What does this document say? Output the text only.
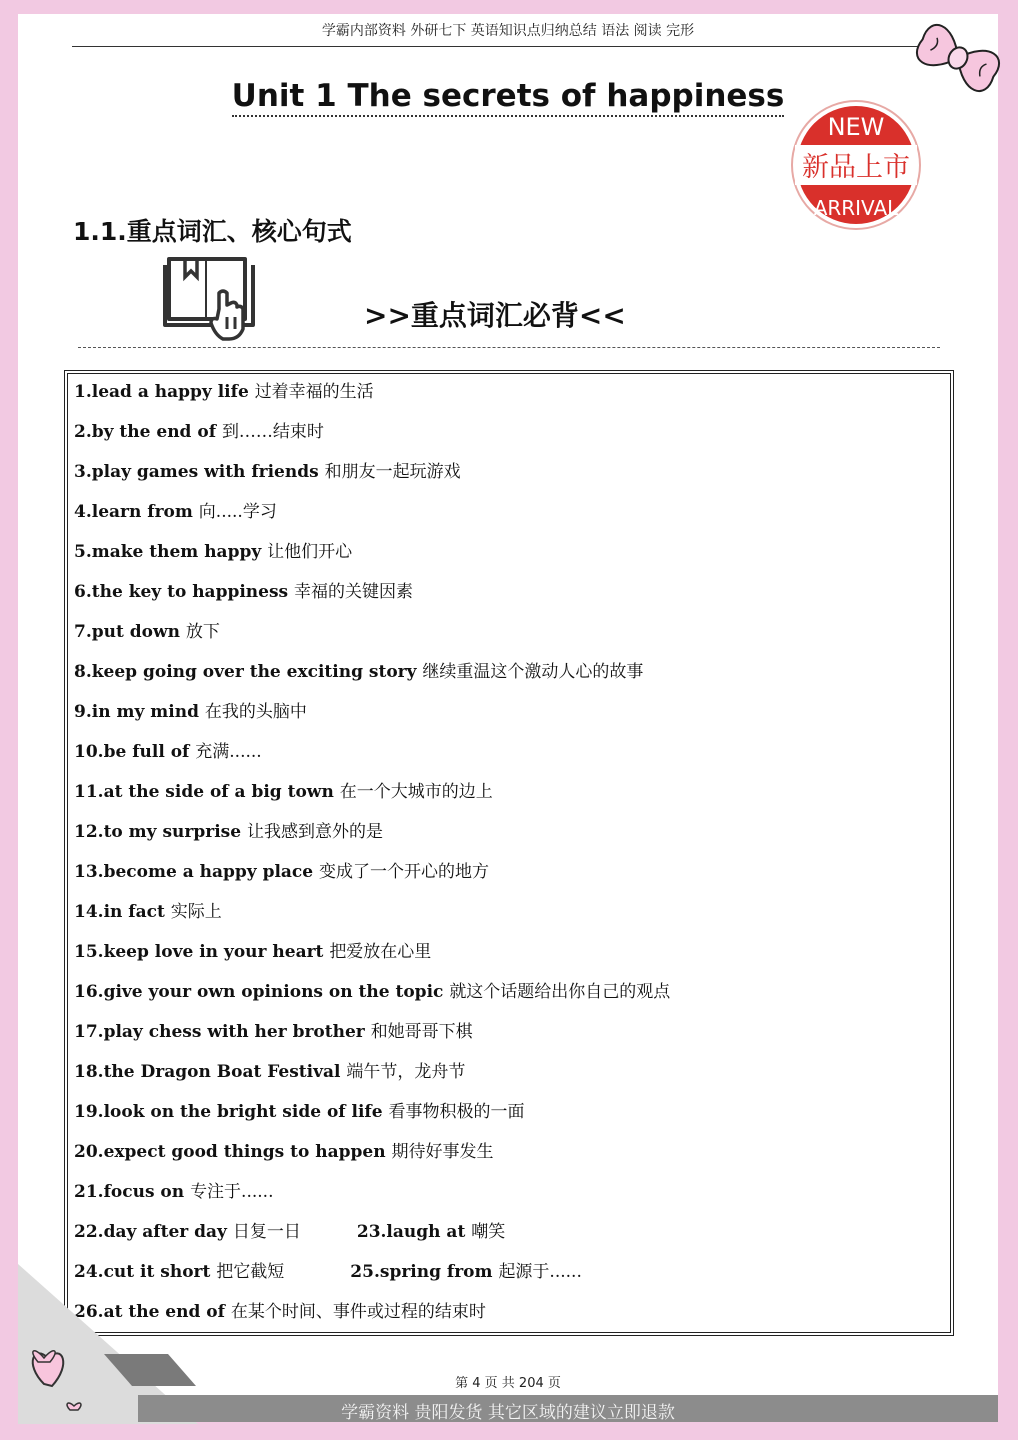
学霸内部资料 外研七下 英语知识点归纳总结 语法 阅读 完形
Unit 1 The secrets of happiness
NEW
新品上市
ARRIVAL
1.1.重点词汇、核心句式
>>重点词汇必背<<
1.lead a happy life 过着幸福的生活
2.by the end of 到……结束时
3.play games with friends 和朋友一起玩游戏
4.learn from 向.....学习
5.make them happy 让他们开心
6.the key to happiness 幸福的关键因素
7.put down 放下
8.keep going over the exciting story 继续重温这个激动人心的故事
9.in my mind 在我的头脑中
10.be full of 充满......
11.at the side of a big town 在一个大城市的边上
12.to my surprise 让我感到意外的是
13.become a happy place 变成了一个开心的地方
14.in fact 实际上
15.keep love in your heart 把爱放在心里
16.give your own opinions on the topic 就这个话题给出你自己的观点
17.play chess with her brother 和她哥哥下棋
18.the Dragon Boat Festival 端午节，龙舟节
19.look on the bright side of life 看事物积极的一面
20.expect good things to happen 期待好事发生
21.focus on 专注于......
22.day after day 日复一日	23.laugh at 嘲笑
24.cut it short 把它截短	25.spring from 起源于......
26.at the end of 在某个时间、事件或过程的结束时
第 4 页 共 204 页
学霸资料 贵阳发货 其它区域的建议立即退款
